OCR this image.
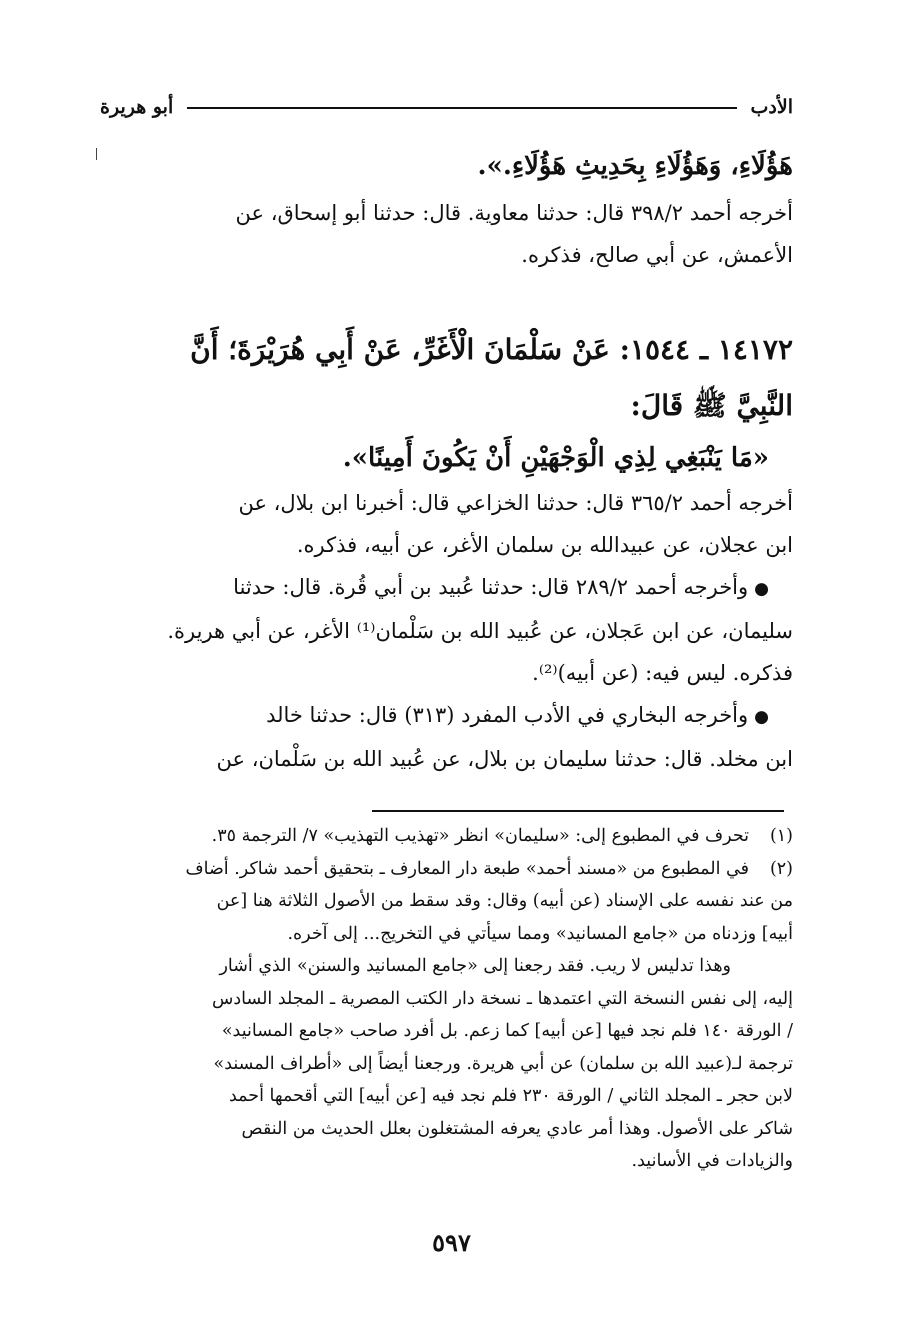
الأدب
أبو هريرة
هَؤُلَاءِ، وَهَؤُلَاءِ بِحَدِيثِ هَؤُلَاءِ.».
أخرجه أحمد ٣٩٨/٢ قال: حدثنا معاوية. قال: حدثنا أبو إسحاق، عن
الأعمش، عن أبي صالح، فذكره.
١٤١٧٢ ـ ١٥٤٤: عَنْ سَلْمَانَ الْأَغَرِّ، عَنْ أَبِي هُرَيْرَةَ؛ أَنَّ
النَّبِيَّ ﷺ قَالَ:
«مَا يَنْبَغِي لِذِي الْوَجْهَيْنِ أَنْ يَكُونَ أَمِينًا».
أخرجه أحمد ٣٦٥/٢ قال: حدثنا الخزاعي قال: أخبرنا ابن بلال، عن
ابن عجلان، عن عبيدالله بن سلمان الأغر، عن أبيه، فذكره.
●وأخرجه أحمد ٢٨٩/٢ قال: حدثنا عُبيد بن أبي قُرة. قال: حدثنا
سليمان، عن ابن عَجلان، عن عُبيد الله بن سَلْمان⁽¹⁾ الأغر، عن أبي هريرة.
فذكره. ليس فيه: (عن أبيه)⁽²⁾.
●وأخرجه البخاري في الأدب المفرد (٣١٣) قال: حدثنا خالد
ابن مخلد. قال: حدثنا سليمان بن بلال، عن عُبيد الله بن سَلْمان، عن
(١)تحرف في المطبوع إلى: «سليمان» انظر «تهذيب التهذيب» ٧/ الترجمة ٣٥.
(٢)في المطبوع من «مسند أحمد» طبعة دار المعارف ـ بتحقيق أحمد شاكر. أضاف
من عند نفسه على الإسناد (عن أبيه) وقال: وقد سقط من الأصول الثلاثة هنا [عن
أبيه] وزدناه من «جامع المسانيد» ومما سيأتي في التخريج... إلى آخره.
وهذا تدليس لا ريب. فقد رجعنا إلى «جامع المسانيد والسنن» الذي أشار
إليه، إلى نفس النسخة التي اعتمدها ـ نسخة دار الكتب المصرية ـ المجلد السادس
/ الورقة ١٤٠ فلم نجد فيها [عن أبيه] كما زعم. بل أفرد صاحب «جامع المسانيد»
ترجمة لـ(عبيد الله بن سلمان) عن أبي هريرة. ورجعنا أيضاً إلى «أطراف المسند»
لابن حجر ـ المجلد الثاني / الورقة ٢٣٠ فلم نجد فيه [عن أبيه] التي أقحمها أحمد
شاكر على الأصول. وهذا أمر عادي يعرفه المشتغلون بعلل الحديث من النقص
والزيادات في الأسانيد.
٥٩٧
